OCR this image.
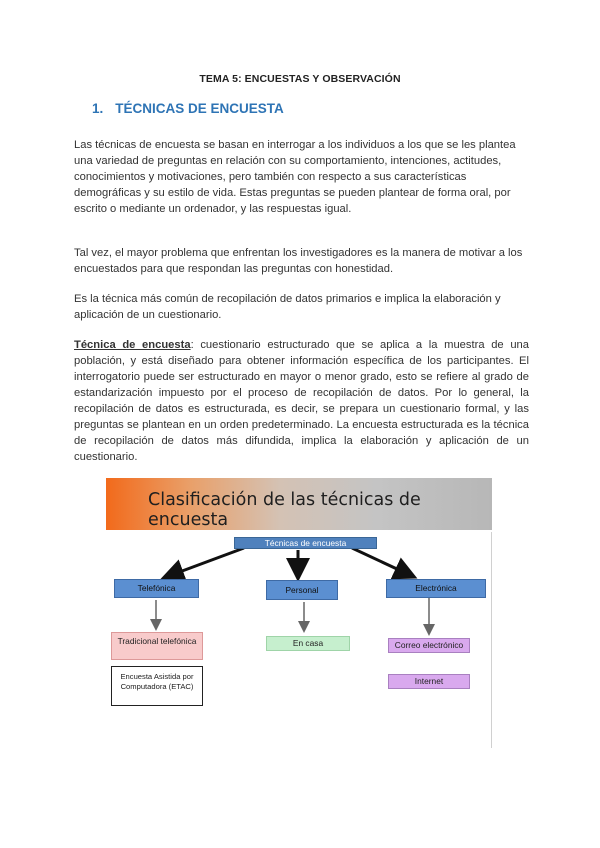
TEMA 5: ENCUESTAS Y OBSERVACIÓN
1. TÉCNICAS DE ENCUESTA
Las técnicas de encuesta se basan en interrogar a los individuos a los que se les plantea una variedad de preguntas en relación con su comportamiento, intenciones, actitudes, conocimientos y motivaciones, pero también con respecto a sus características demográficas y su estilo de vida. Estas preguntas se pueden plantear de forma oral, por escrito o mediante un ordenador, y las respuestas igual.
Tal vez, el mayor problema que enfrentan los investigadores es la manera de motivar a los encuestados para que respondan las preguntas con honestidad.
Es la técnica más común de recopilación de datos primarios e implica la elaboración y aplicación de un cuestionario.
Técnica de encuesta: cuestionario estructurado que se aplica a la muestra de una población, y está diseñado para obtener información específica de los participantes. El interrogatorio puede ser estructurado en mayor o menor grado, esto se refiere al grado de estandarización impuesto por el proceso de recopilación de datos. Por lo general, la recopilación de datos es estructurada, es decir, se prepara un cuestionario formal, y las preguntas se plantean en un orden predeterminado. La encuesta estructurada es la técnica de recopilación de datos más difundida, implica la elaboración y aplicación de un cuestionario.
Clasificación de las técnicas de encuesta
Técnicas de encuesta
Telefónica	Personal	Electrónica
Tradicional telefónica
Encuesta Asistida por Computadora (ETAC)
En casa	Correo electrónico
Internet
